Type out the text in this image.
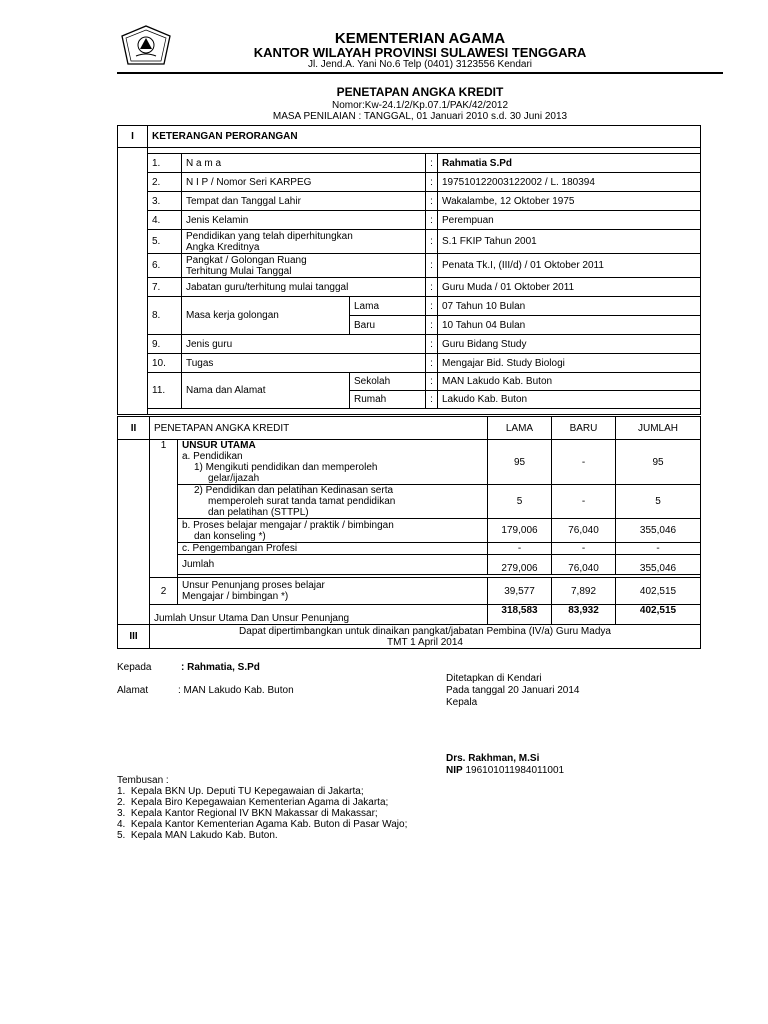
KEMENTERIAN AGAMA
KANTOR WILAYAH PROVINSI SULAWESI TENGGARA
Jl. Jend.A. Yani No.6 Telp (0401) 3123556 Kendari
PENETAPAN ANGKA KREDIT
Nomor:Kw-24.1/2/Kp.07.1/PAK/42/2012
MASA PENILAIAN : TANGGAL, 01 Januari 2010 s.d. 30 Juni 2013
I	KETERANGAN PERORANGAN				

	1.	N a m a		:	Rahmatia S.Pd
	2.	N I P / Nomor Seri KARPEG		:	197510122003122002 / L. 180394
	3.	Tempat dan Tanggal Lahir		:	Wakalambe, 12 Oktober 1975
	4.	Jenis Kelamin		:	Perempuan
	5.	Pendidikan yang telah diperhitungkan
Angka Kreditnya		:	S.1 FKIP Tahun 2001
	6.	Pangkat / Golongan Ruang
Terhitung Mulai Tanggal		:	Penata Tk.I, (III/d) / 01 Oktober 2011
	7.	Jabatan guru/terhitung mulai tanggal		:	Guru Muda / 01 Oktober 2011
	8.	Masa kerja golongan	Lama	:	07 Tahun 10 Bulan
			Baru	:	10 Tahun 04 Bulan
	9.	Jenis guru		:	Guru Bidang Study
	10.	Tugas		:	Mengajar Bid. Study Biologi
	11.	Nama dan Alamat	Sekolah	:	MAN Lakudo Kab. Buton
			Rumah	:	Lakudo Kab. Buton

II	PENETAPAN ANGKA KREDIT		LAMA	BARU	JUMLAH
	1	UNSUR UTAMA
a. Pendidikan
1) Mengikuti pendidikan dan memperoleh
gelar/ijazah	95	-	95

		2) Pendidikan dan pelatihan Kedinasan serta
memperoleh surat tanda tamat pendidikan
dan pelatihan (STTPL)	5	-	5

		b. Proses belajar mengajar / praktik / bimbingan
dan konseling *)	179,006	76,040	355,046
		c. Pengembangan Profesi	-	-	-
		Jumlah	279,006	76,040	355,046

	2	Unsur Penunjang proses belajar
Mengajar / bimbingan *)	39,577	7,892	402,515
	Jumlah Unsur Utama Dan Unsur Penunjang		318,583	83,932	402,515
III	Dapat dipertimbangkan untuk dinaikan pangkat/jabatan Pembina (IV/a) Guru Madya
TMT 1 April 2014				
Kepada	: Rahmatia, S.Pd
Alamat	: MAN Lakudo Kab. Buton
Ditetapkan di Kendari
Pada tanggal 20 Januari 2014
Kepala
Drs. Rakhman, M.Si
NIP 196101011984011001
Tembusan :
1.  Kepala BKN Up. Deputi TU Kepegawaian di Jakarta;
2.  Kepala Biro Kepegawaian Kementerian Agama di Jakarta;
3.  Kepala Kantor Regional IV BKN Makassar di Makassar;
4.  Kepala Kantor Kementerian Agama Kab. Buton di Pasar Wajo;
5.  Kepala MAN Lakudo Kab. Buton.
